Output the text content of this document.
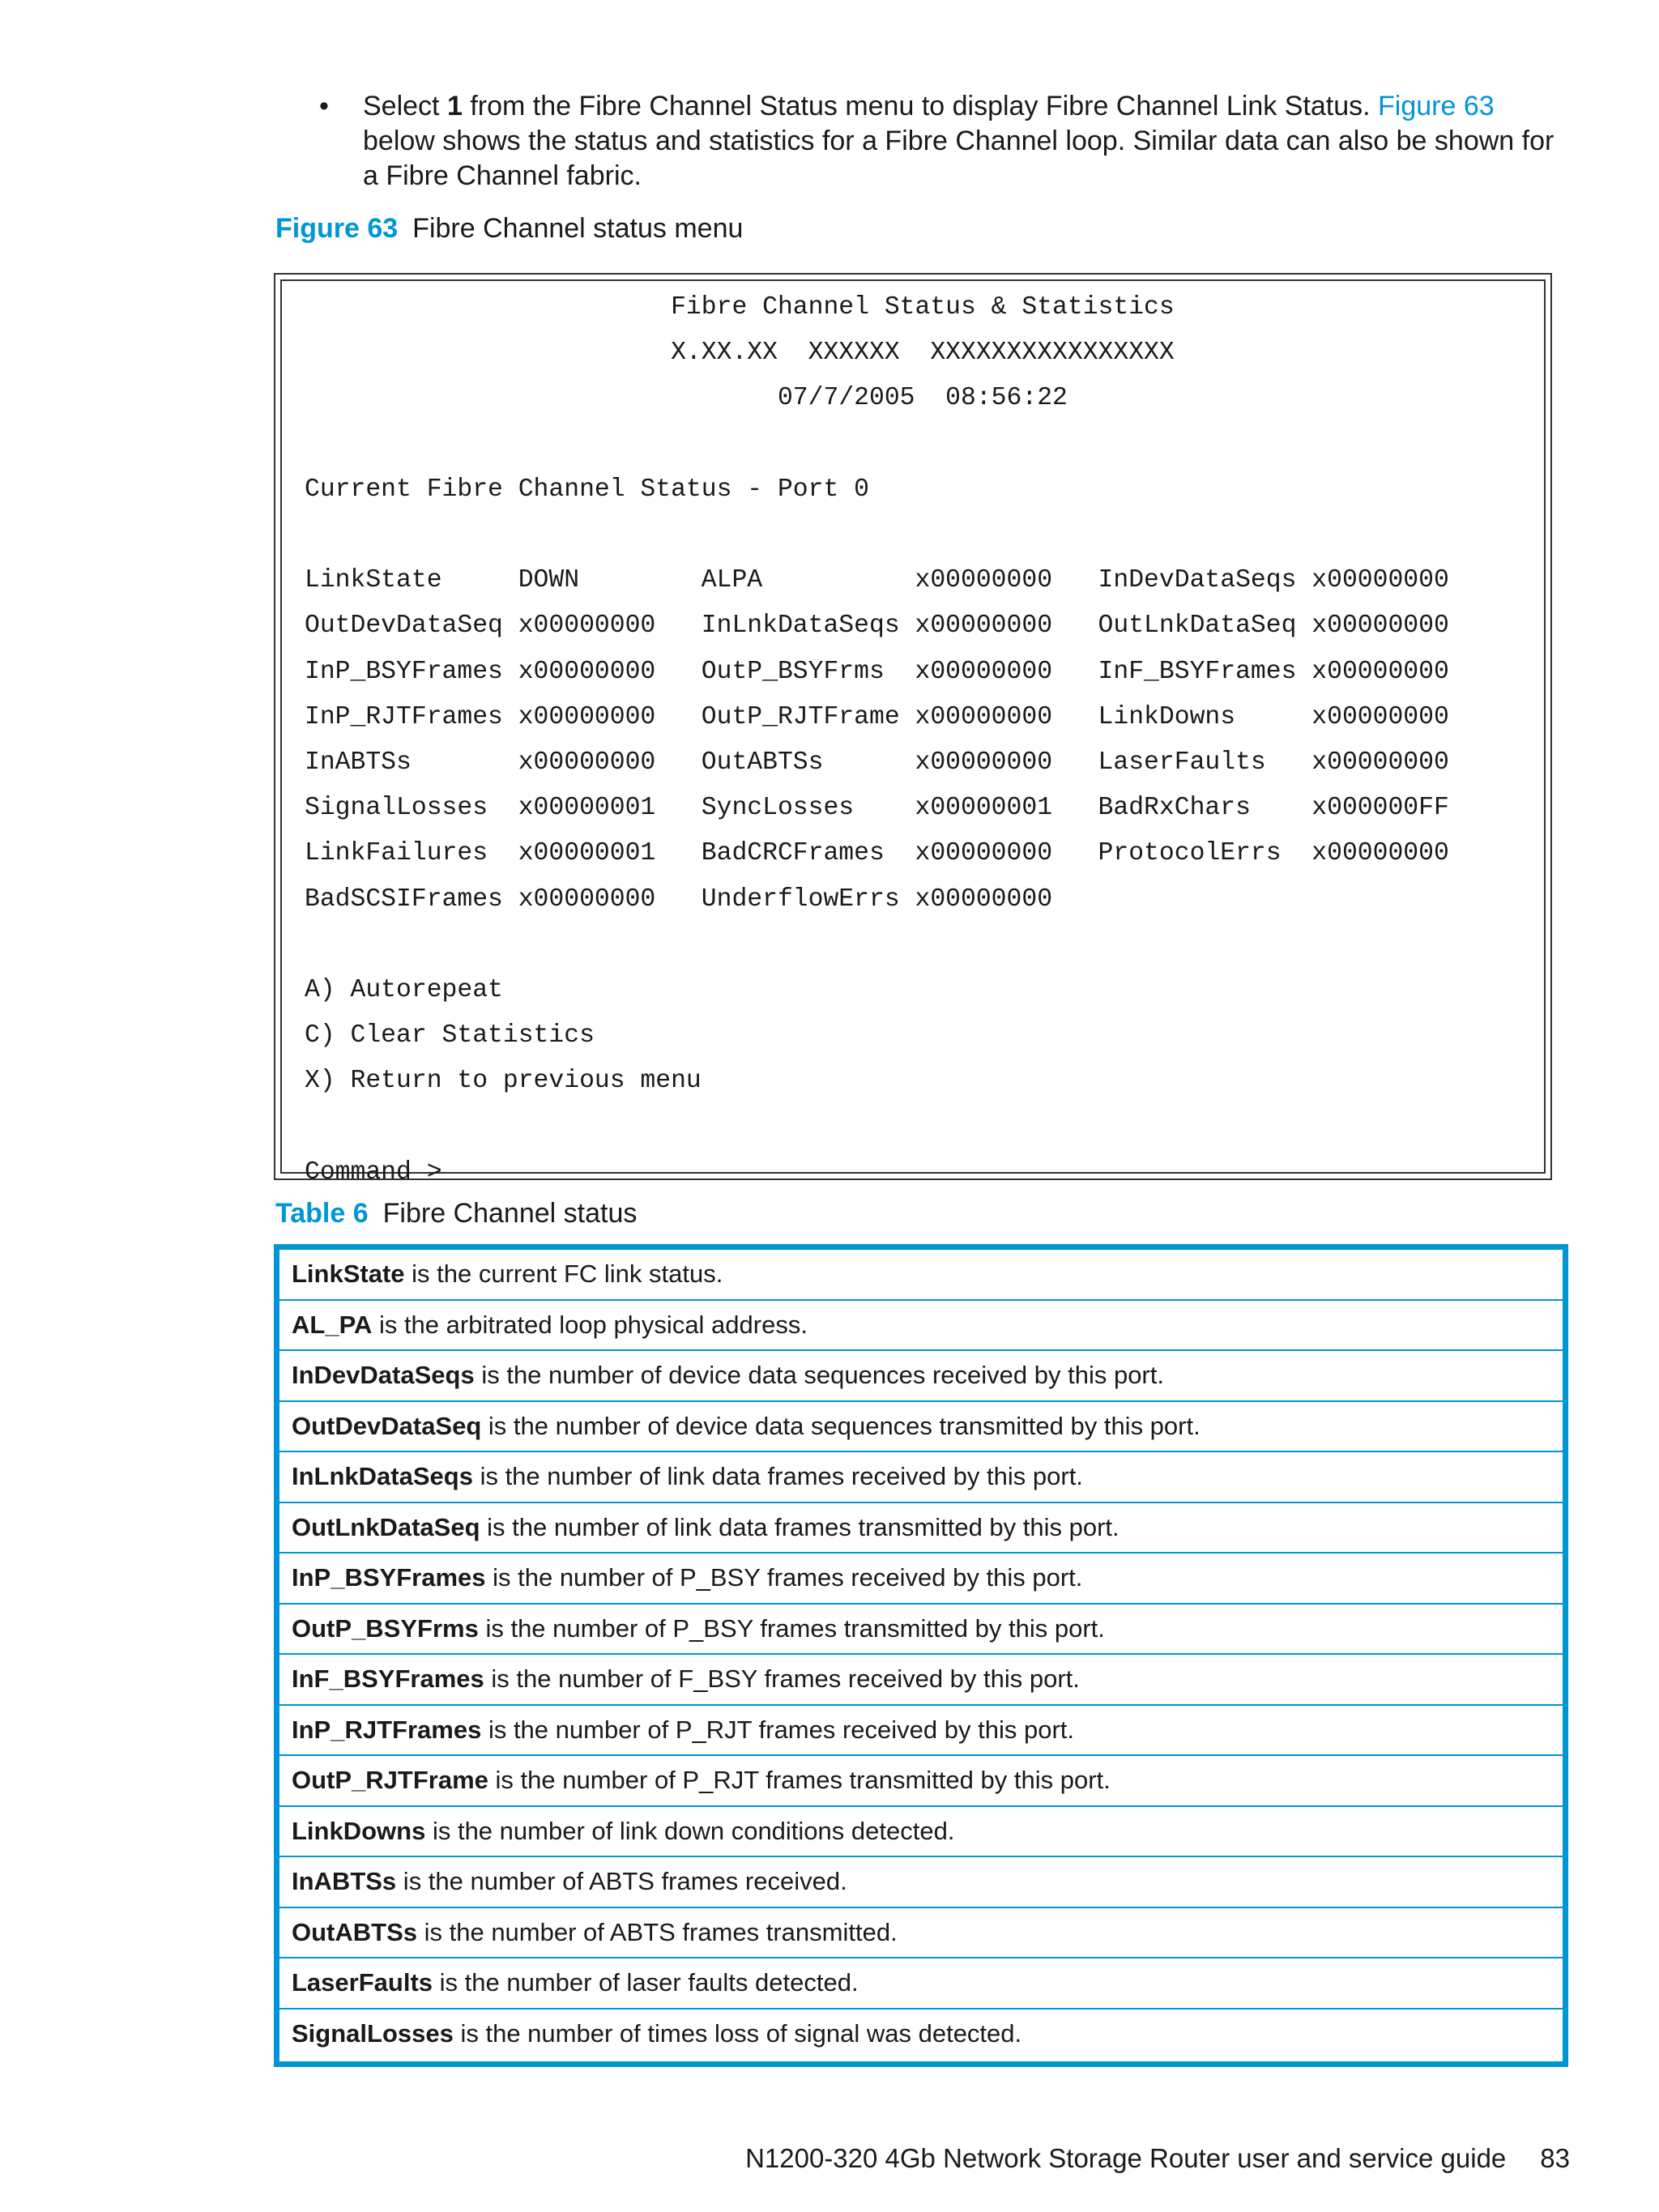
• Select 1 from the Fibre Channel Status menu to display Fibre Channel Link Status. Figure 63 below shows the status and statistics for a Fibre Channel loop. Similar data can also be shown for a Fibre Channel fabric.
Figure 63 Fibre Channel status menu
Fibre Channel Status & Statistics
X.XX.XX  XXXXXX  XXXXXXXXXXXXXXXX
07/7/2005  08:56:22
Current Fibre Channel Status - Port 0
LinkState     DOWN        ALPA          x00000000   InDevDataSeqs x00000000
OutDevDataSeq x00000000   InLnkDataSeqs x00000000   OutLnkDataSeq x00000000
InP_BSYFrames x00000000   OutP_BSYFrms  x00000000   InF_BSYFrames x00000000
InP_RJTFrames x00000000   OutP_RJTFrame x00000000   LinkDowns     x00000000
InABTSs       x00000000   OutABTSs      x00000000   LaserFaults   x00000000
SignalLosses  x00000001   SyncLosses    x00000001   BadRxChars    x000000FF
LinkFailures  x00000001   BadCRCFrames  x00000000   ProtocolErrs  x00000000
BadSCSIFrames x00000000   UnderflowErrs x00000000
A) Autorepeat
C) Clear Statistics
X) Return to previous menu
Command >
Table 6 Fibre Channel status
LinkState is the current FC link status.
AL_PA is the arbitrated loop physical address.
InDevDataSeqs is the number of device data sequences received by this port.
OutDevDataSeq is the number of device data sequences transmitted by this port.
InLnkDataSeqs is the number of link data frames received by this port.
OutLnkDataSeq is the number of link data frames transmitted by this port.
InP_BSYFrames is the number of P_BSY frames received by this port.
OutP_BSYFrms is the number of P_BSY frames transmitted by this port.
InF_BSYFrames is the number of F_BSY frames received by this port.
InP_RJTFrames is the number of P_RJT frames received by this port.
OutP_RJTFrame is the number of P_RJT frames transmitted by this port.
LinkDowns is the number of link down conditions detected.
InABTSs is the number of ABTS frames received.
OutABTSs is the number of ABTS frames transmitted.
LaserFaults is the number of laser faults detected.
SignalLosses is the number of times loss of signal was detected.
N1200-320 4Gb Network Storage Router user and service guide 83
